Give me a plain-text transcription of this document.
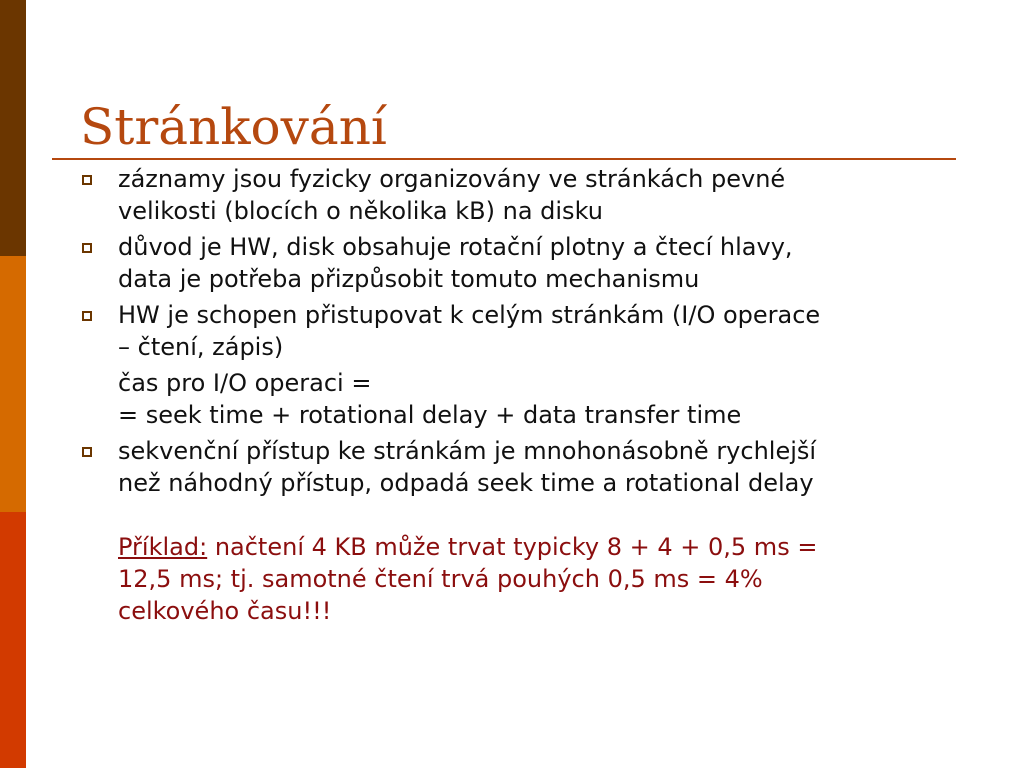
Stránkování
záznamy jsou fyzicky organizovány ve stránkách pevné
velikosti (blocích o několika kB) na disku
důvod je HW, disk obsahuje rotační plotny a čtecí hlavy,
data je potřeba přizpůsobit tomuto mechanismu
HW je schopen přistupovat k celým stránkám (I/O operace
– čtení, zápis)
čas pro I/O operaci =
= seek time + rotational delay + data transfer time
sekvenční přístup ke stránkám je mnohonásobně rychlejší
než náhodný přístup, odpadá seek time a rotational delay
Příklad: načtení 4 KB může trvat typicky 8 + 4 + 0,5 ms =
12,5 ms; tj. samotné čtení trvá pouhých 0,5 ms = 4%
celkového času!!!
